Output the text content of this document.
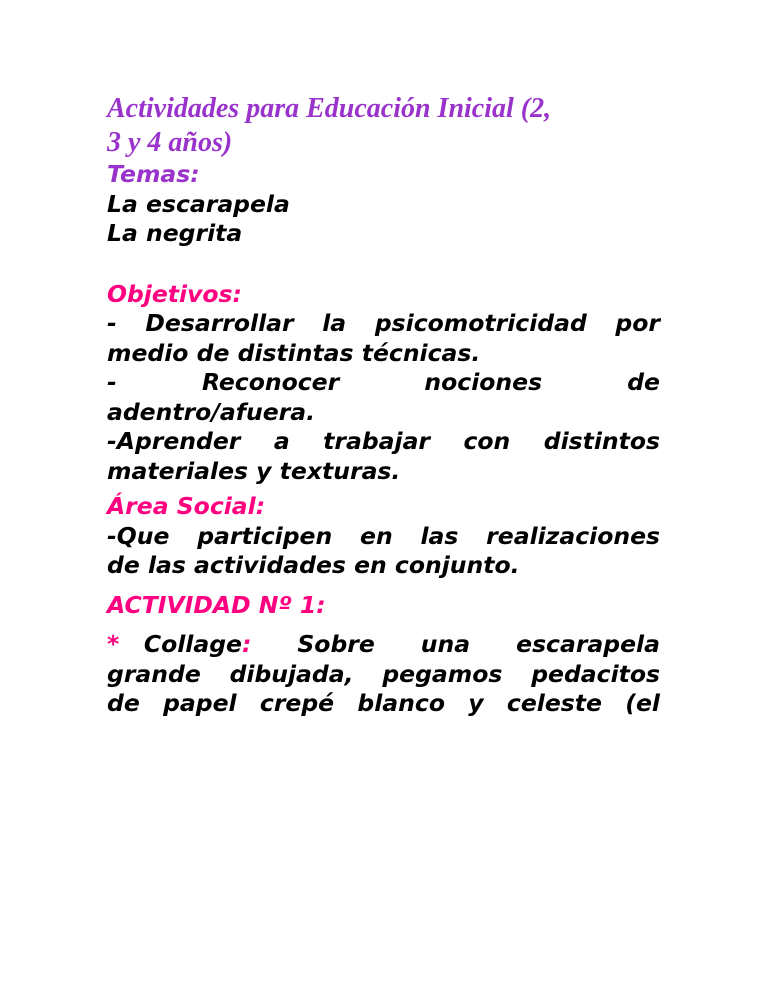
Actividades para Educación Inicial (2,

3 y 4 años)

Temas:

La escarapela

La negrita

Objetivos:

- Desarrollar la psicomotricidad por

medio de distintas técnicas.

-	Reconocer	nociones	de

adentro/afuera.

-Aprender a trabajar con distintos

materiales y texturas.

Área Social:

-Que participen en las realizaciones

de las actividades en conjunto.

ACTIVIDAD Nº 1:

* Collage: Sobre una escarapela

grande dibujada, pegamos pedacitos

de papel crepé blanco y celeste (el
